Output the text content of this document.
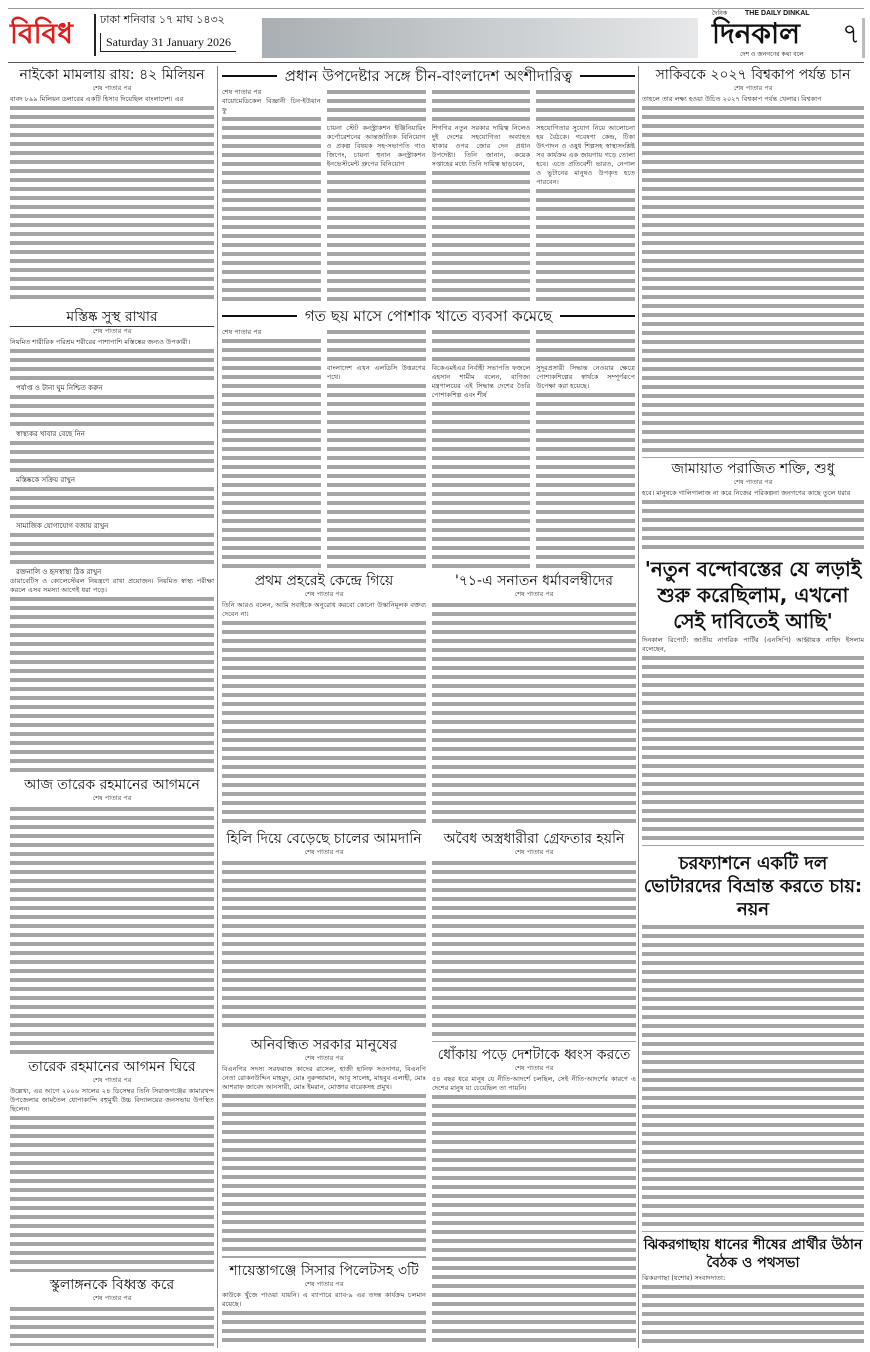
বিবিধ ঢাকা শনিবার ১৭ মাঘ ১৪৩২
Saturday 31 January 2026
দৈনিক	THE DAILY DINKAL
দিনকাল
দেশ ও জনগণের কথা বলে
৭
নাইকো মামলায় রায়: ৪২ মিলিয়ন
শেষ পাতার পর
বাবদ ৮৯৯ মিলিয়ন ডলারের একটি হিসাব দিয়েছিল বাংলাদেশ। এর
মস্তিষ্ক সুস্থ রাখার
শেষ পাতার পর
নিয়মিত শারীরিক পরিশ্রম শরীরের পাশাপাশি মস্তিষ্কের জন্যও উপকারী।
পর্যাপ্ত ও টানা ঘুম নিশ্চিত করুন
স্বাস্থ্যকর খাবার বেছে নিন
মস্তিষ্ককে সক্রিয় রাখুন
সামাজিক যোগাযোগ বজায় রাখুন
রক্তনালি ও হৃদস্বাস্থ্য ঠিক রাখুন
ডায়াবেটিস ও কোলেস্টেরল নিয়ন্ত্রণে রাখা প্রয়োজন। নিয়মিত স্বাস্থ্য পরীক্ষা করলে এসব সমস্যা আগেই ধরা পড়ে।
আজ তারেক রহমানের আগমনে
শেষ পাতার পর
তারেক রহমানের আগমন ঘিরে
শেষ পাতার পর
উল্লেখ্য, এর আগে ২০০৬ সালের ২৪ ডিসেম্বর তিনি সিরাজগঞ্জের কামারখন্দ উপজেলার জামতৈল ধোপাকান্দি বহুমুখী উচ্চ বিদ্যালয়ের জনসভায় উপস্থিত ছিলেন।
স্কুলাঙ্গনকে বিধ্বস্ত করে
শেষ পাতার পর
প্রধান উপদেষ্টার সঙ্গে চীন-বাংলাদেশ অংশীদারিত্ব
শেষ পাতার পর
বায়োমেডিকেল বিজ্ঞানী চিন-ইউয়ান ফু
চায়না স্টেট কনস্ট্রাকশন ইঞ্জিনিয়ারিং কর্পোরেশনের আন্তর্জাতিক বিনিয়োগ ও প্রকল্প বিষয়ক সহ-সভাপতি গাও জিপেং, চায়না হুনান কনস্ট্রাকশন ইনভেস্টমেন্ট গ্রুপের বিনিয়োগ
শিগগির নতুন সরকার দায়িত্ব নিলেও দুই দেশের সহযোগিতা অব্যাহত থাকার ওপর জোর দেন প্রধান উপদেষ্টা। তিনি জানান, কয়েক সপ্তাহের মধ্যে তিনি দায়িত্ব ছাড়বেন,
সহযোগিতার সুযোগ নিয়ে আলোচনা হয় বৈঠকে। গবেষণা কেন্দ্র, টিকা উৎপাদন ও ওষুধ শিল্পসহ স্বাস্থ্যসংশ্লিষ্ট সব কার্যক্রম এক জায়গায় গড়ে তোলা হবে। এতে প্রতিবেশী ভারত, নেপাল ও ভুটানের মানুষও উপকৃত হতে পারবেন।
গত ছয় মাসে পোশাক খাতে ব্যবসা কমেছে
শেষ পাতার পর
বাংলাদেশ এখন এলডিসি উত্তরণের পথে।
বিকেএমইএর নির্বাহী সভাপতি ফজলে এহসান শামীম বলেন, বাণিজ্য মন্ত্রণালয়ের এই সিদ্ধান্ত দেশের তৈরি পোশাকশিল্প এবং শীর্ষ
সুদূরপ্রসারী সিদ্ধান্ত নেওয়ার ক্ষেত্রে পোশাকশিল্পের স্বার্থকে সম্পূর্ণরূপে উপেক্ষা করা হয়েছে।
প্রথম প্রহরেই কেন্দ্রে গিয়ে
শেষ পাতার পর
তিনি আরও বলেন, আমি সবাইকে অনুরোধ করবো কোনো উস্কানিমূলক বক্তব্য দেবেন না।
'৭১-এ সনাতন ধর্মাবলম্বীদের
শেষ পাতার পর
হিলি দিয়ে বেড়েছে চালের আমদানি
শেষ পাতার পর
অবৈধ অস্ত্রধারীরা গ্রেফতার হয়নি
শেষ পাতার পর
অনিবন্ধিত সরকার মানুষের
শেষ পাতার পর
বিএনপির সদস্য সরফরাজ কাদের রাসেল, হাজী হানিফ সওদাগর, বিএনপি নেতা রোকনউদ্দিন মাহমুদ, মোঃ নুরুজ্জামান, আবু সালেহ, মাহবুব এলাহী, মোঃ আশরাফ জাবেদ আনসারী, মোঃ ইমরান, মোক্তার বারেকসহ প্রমুখ।
ধোঁকায় পড়ে দেশটাকে ধ্বংস করতে
শেষ পাতার পর
৫৪ বছর ধরে মানুষ যে নীতি-আদর্শে চলছিল, সেই নীতি-আদর্শের কারণে এ দেশের মানুষ যা চেয়েছিল তা পায়নি।
শায়েস্তাগঞ্জে সিসার পিলেটসহ ৩টি
শেষ পাতার পর
কাউকে খুঁজে পাওয়া যায়নি। এ ব্যাপারে র‍্যাব-৯ এর তদন্ত কার্যক্রম চলমান রয়েছে।
সাকিবকে ২০২৭ বিশ্বকাপ পর্যন্ত চান
শেষ পাতার পর
তাহলে তার লক্ষ্য হওয়া উচিত ২০২৭ বিশ্বকাপ পর্যন্ত খেলার। বিশ্বকাপ
জামায়াত পরাজিত শক্তি, শুধু
শেষ পাতার পর
হবে। মানুষকে গালিগালাজ না করে নিজের পরিকল্পনা জনগণের কাছে তুলে ধরার
'নতুন বন্দোবস্তের যে লড়াই শুরু করেছিলাম, এখনো সেই দাবিতেই আছি'
দিনকাল রিপোর্ট: জাতীয় নাগরিক পার্টির (এনসিপি) আহ্বায়ক নাহিদ ইসলাম বলেছেন,
চরফ্যাশনে একটি দল ভোটারদের বিভ্রান্ত করতে চায়: নয়ন
ঝিকরগাছায় ধানের শীষের প্রার্থীর উঠান বৈঠক ও পথসভা
ঝিকরগাছা (যশোর) সংবাদদাতা:
